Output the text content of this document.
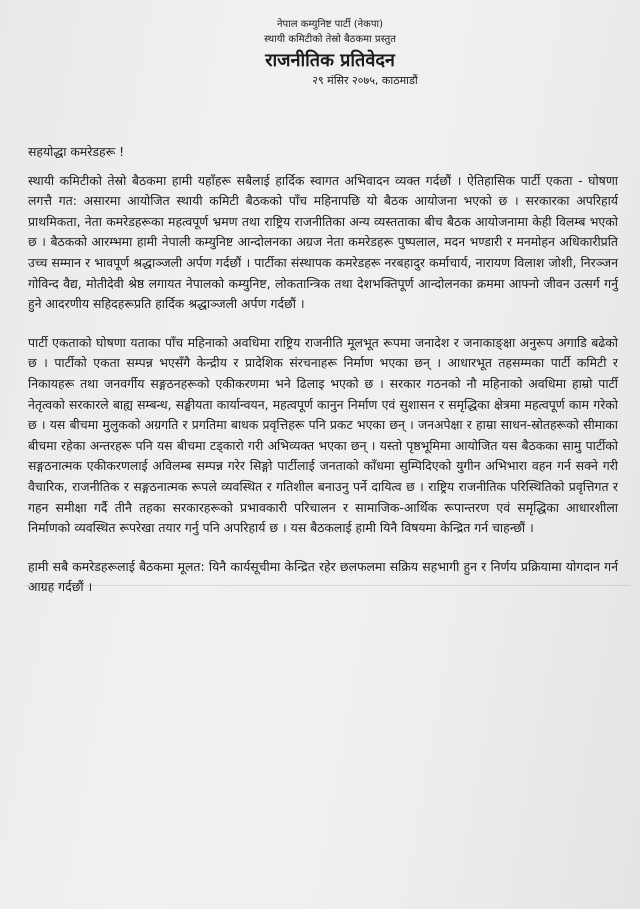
नेपाल कम्युनिष्ट पार्टी (नेकपा)
स्थायी कमिटीको तेस्रो बैठकमा प्रस्तुत
राजनीतिक प्रतिवेदन
२९ मंसिर २०७५, काठमाडौं

सहयोद्धा कमरेडहरू !

स्थायी कमिटीको तेस्रो बैठकमा हामी यहाँहरू सबैलाई हार्दिक स्वागत अभिवादन व्यक्त गर्दछौं । ऐतिहासिक पार्टी एकता - घोषणा लगत्तै गत: असारमा आयोजित स्थायी कमिटी बैठकको पाँच महिनापछि यो बैठक आयोजना भएको छ । सरकारका अपरिहार्य प्राथमिकता, नेता कमरेडहरूका महत्वपूर्ण भ्रमण तथा राष्ट्रिय राजनीतिका अन्य व्यस्तताका बीच बैठक आयोजनामा केही विलम्ब भएको छ । बैठकको आरम्भमा हामी नेपाली कम्युनिष्ट आन्दोलनका अग्रज नेता कमरेडहरू पुष्पलाल, मदन भण्डारी र मनमोहन अधिकारीप्रति उच्च सम्मान र भावपूर्ण श्रद्धाञ्जली अर्पण गर्दछौं । पार्टीका संस्थापक कमरेडहरू नरबहादुर कर्माचार्य, नारायण विलाश जोशी, निरञ्जन गोविन्द वैद्य, मोतीदेवी श्रेष्ठ लगायत नेपालको कम्युनिष्ट, लोकतान्त्रिक तथा देशभक्तिपूर्ण आन्दोलनका क्रममा आफ्नो जीवन उत्सर्ग गर्नु हुने आदरणीय सहिदहरूप्रति हार्दिक श्रद्धाञ्जली अर्पण गर्दछौं ।

पार्टी एकताको घोषणा यताका पाँच महिनाको अवधिमा राष्ट्रिय राजनीति मूलभूत रूपमा जनादेश र जनाकाङ्क्षा अनुरूप अगाडि बढेको छ । पार्टीको एकता सम्पन्न भएसँगै केन्द्रीय र प्रादेशिक संरचनाहरू निर्माण भएका छन् । आधारभूत तहसम्मका पार्टी कमिटी र निकायहरू तथा जनवर्गीय सङ्गठनहरूको एकीकरणमा भने ढिलाइ भएको छ । सरकार गठनको नौ महिनाको अवधिमा हाम्रो पार्टी नेतृत्वको सरकारले बाह्य सम्बन्ध, सङ्घीयता कार्यान्वयन, महत्वपूर्ण कानुन निर्माण एवं सुशासन र समृद्धिका क्षेत्रमा महत्वपूर्ण काम गरेको छ । यस बीचमा मुलुकको अग्रगति र प्रगतिमा बाधक प्रवृत्तिहरू पनि प्रकट भएका छन् । जनअपेक्षा र हाम्रा साधन-स्रोतहरूको सीमाका बीचमा रहेका अन्तरहरू पनि यस बीचमा टड्कारो गरी अभिव्यक्त भएका छन् । यस्तो पृष्ठभूमिमा आयोजित यस बैठकका सामु पार्टीको सङ्गठनात्मक एकीकरणलाई अविलम्ब सम्पन्न गरेर सिङ्गो पार्टीलाई जनताको काँधमा सुम्पिदिएको युगीन अभिभारा वहन गर्न सक्ने गरी वैचारिक, राजनीतिक र सङ्गठनात्मक रूपले व्यवस्थित र गतिशील बनाउनु पर्ने दायित्व छ । राष्ट्रिय राजनीतिक परिस्थितिको प्रवृत्तिगत र गहन समीक्षा गर्दै तीनै तहका सरकारहरूको प्रभावकारी परिचालन र सामाजिक-आर्थिक रूपान्तरण एवं समृद्धिका आधारशीला निर्माणको व्यवस्थित रूपरेखा तयार गर्नु पनि अपरिहार्य छ । यस बैठकलाई हामी यिनै विषयमा केन्द्रित गर्न चाहन्छौं ।

हामी सबै कमरेडहरूलाई बैठकमा मूलत: यिनै कार्यसूचीमा केन्द्रित रहेर छलफलमा सक्रिय सहभागी हुन र निर्णय प्रक्रियामा योगदान गर्न आग्रह गर्दछौं ।
